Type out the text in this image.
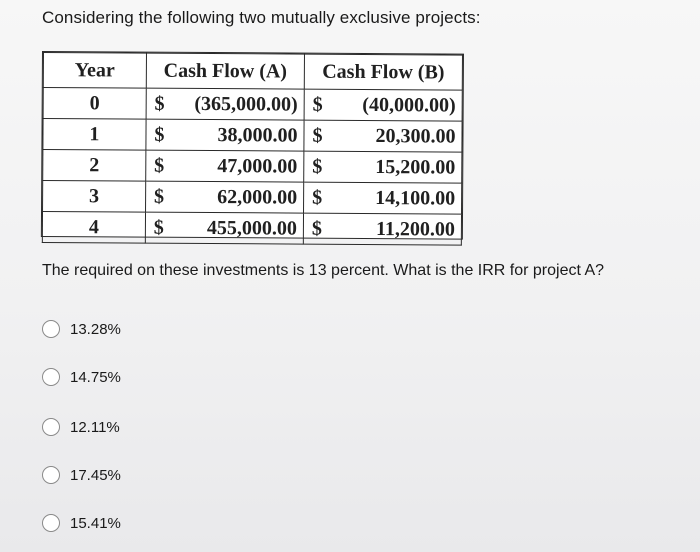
Considering the following two mutually exclusive projects:
Year	Cash Flow (A)	Cash Flow (B)
0	$ (365,000.00)	$ (40,000.00)

1	$ 38,000.00	$ 20,300.00

2	$ 47,000.00	$ 15,200.00

3	$ 62,000.00	$ 14,100.00

4	$ 455,000.00	$ 11,200.00
The required on these investments is 13 percent. What is the IRR for project A?
13.28%
14.75%
12.11%
17.45%
15.41%
